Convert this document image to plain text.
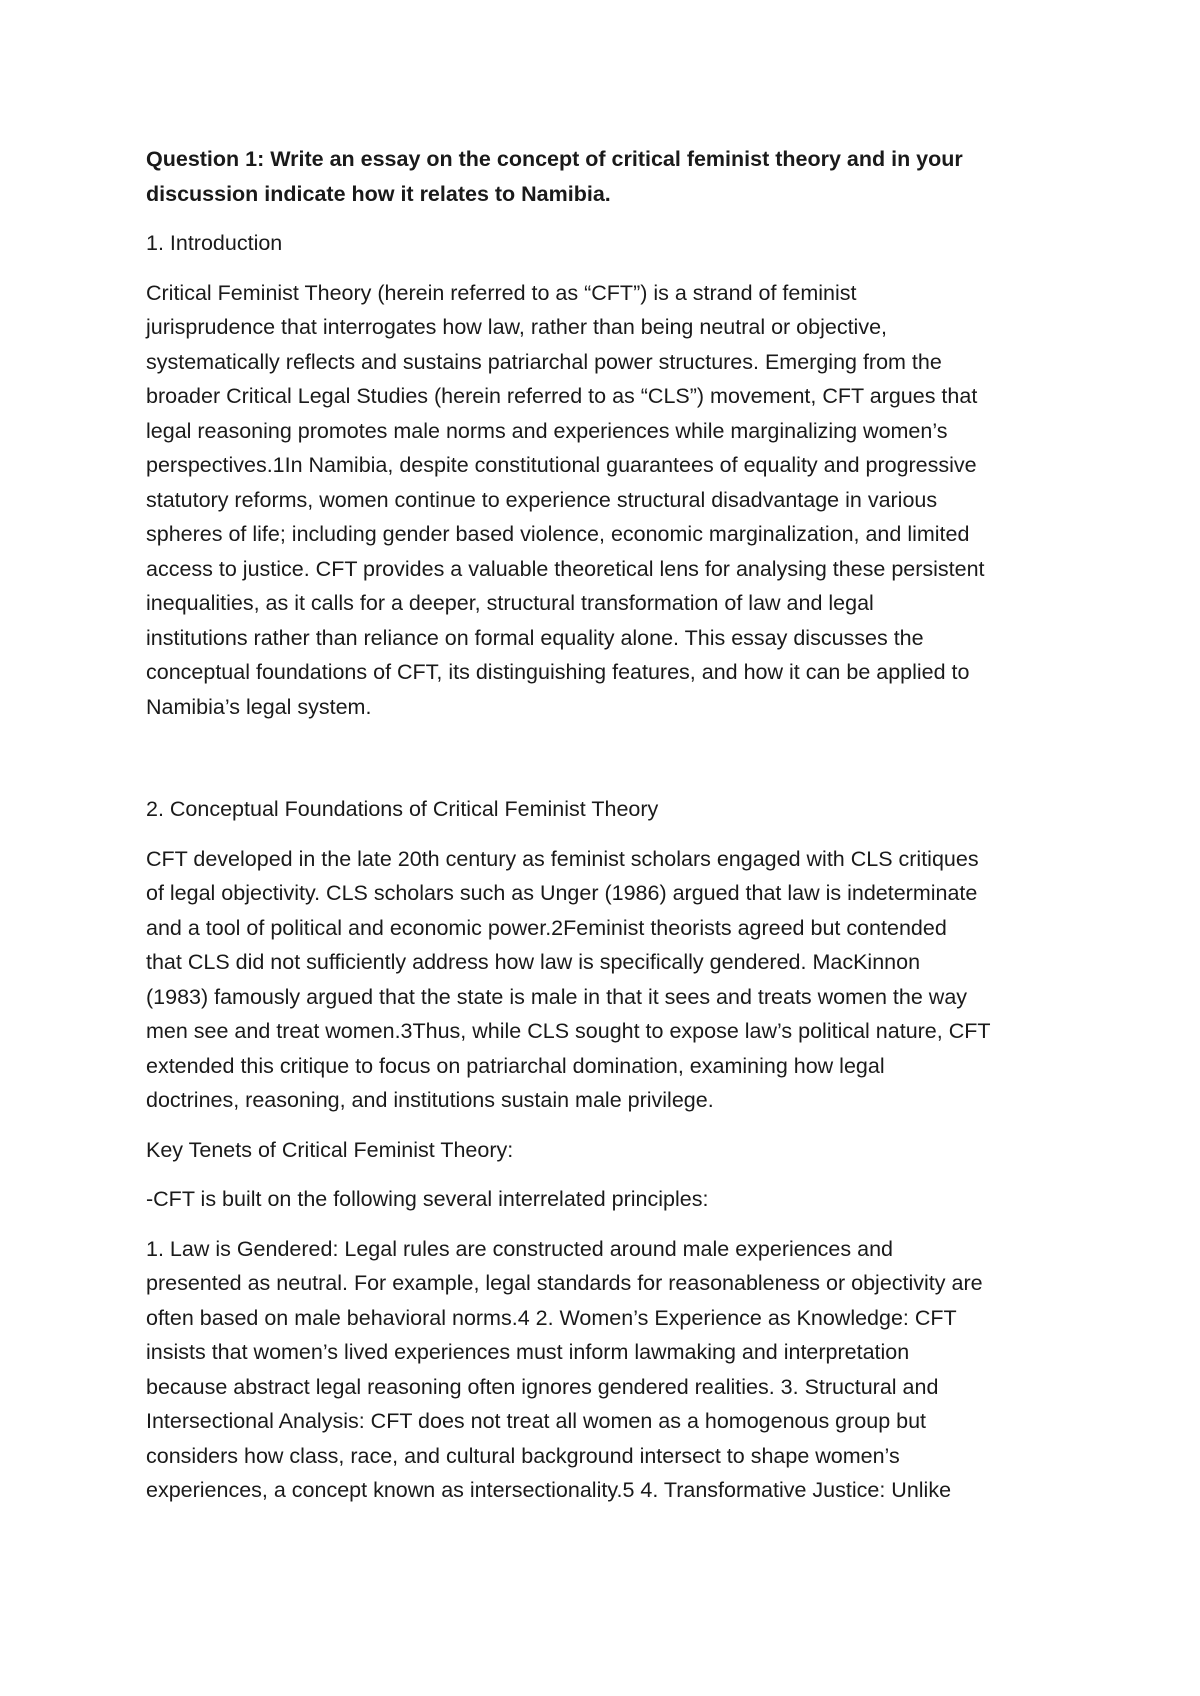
Question 1: Write an essay on the concept of critical feminist theory and in your
discussion indicate how it relates to Namibia.
1. Introduction
Critical Feminist Theory (herein referred to as “CFT”) is a strand of feminist
jurisprudence that interrogates how law, rather than being neutral or objective,
systematically reflects and sustains patriarchal power structures. Emerging from the
broader Critical Legal Studies (herein referred to as “CLS”) movement, CFT argues that
legal reasoning promotes male norms and experiences while marginalizing women’s
perspectives.1In Namibia, despite constitutional guarantees of equality and progressive
statutory reforms, women continue to experience structural disadvantage in various
spheres of life; including gender based violence, economic marginalization, and limited
access to justice. CFT provides a valuable theoretical lens for analysing these persistent
inequalities, as it calls for a deeper, structural transformation of law and legal
institutions rather than reliance on formal equality alone. This essay discusses the
conceptual foundations of CFT, its distinguishing features, and how it can be applied to
Namibia’s legal system.
2. Conceptual Foundations of Critical Feminist Theory
CFT developed in the late 20th century as feminist scholars engaged with CLS critiques
of legal objectivity. CLS scholars such as Unger (1986) argued that law is indeterminate
and a tool of political and economic power.2Feminist theorists agreed but contended
that CLS did not sufficiently address how law is specifically gendered. MacKinnon
(1983) famously argued that the state is male in that it sees and treats women the way
men see and treat women.3Thus, while CLS sought to expose law’s political nature, CFT
extended this critique to focus on patriarchal domination, examining how legal
doctrines, reasoning, and institutions sustain male privilege.
Key Tenets of Critical Feminist Theory:
-CFT is built on the following several interrelated principles:
1. Law is Gendered: Legal rules are constructed around male experiences and
presented as neutral. For example, legal standards for reasonableness or objectivity are
often based on male behavioral norms.4 2. Women’s Experience as Knowledge: CFT
insists that women’s lived experiences must inform lawmaking and interpretation
because abstract legal reasoning often ignores gendered realities. 3. Structural and
Intersectional Analysis: CFT does not treat all women as a homogenous group but
considers how class, race, and cultural background intersect to shape women’s
experiences, a concept known as intersectionality.5 4. Transformative Justice: Unlike
